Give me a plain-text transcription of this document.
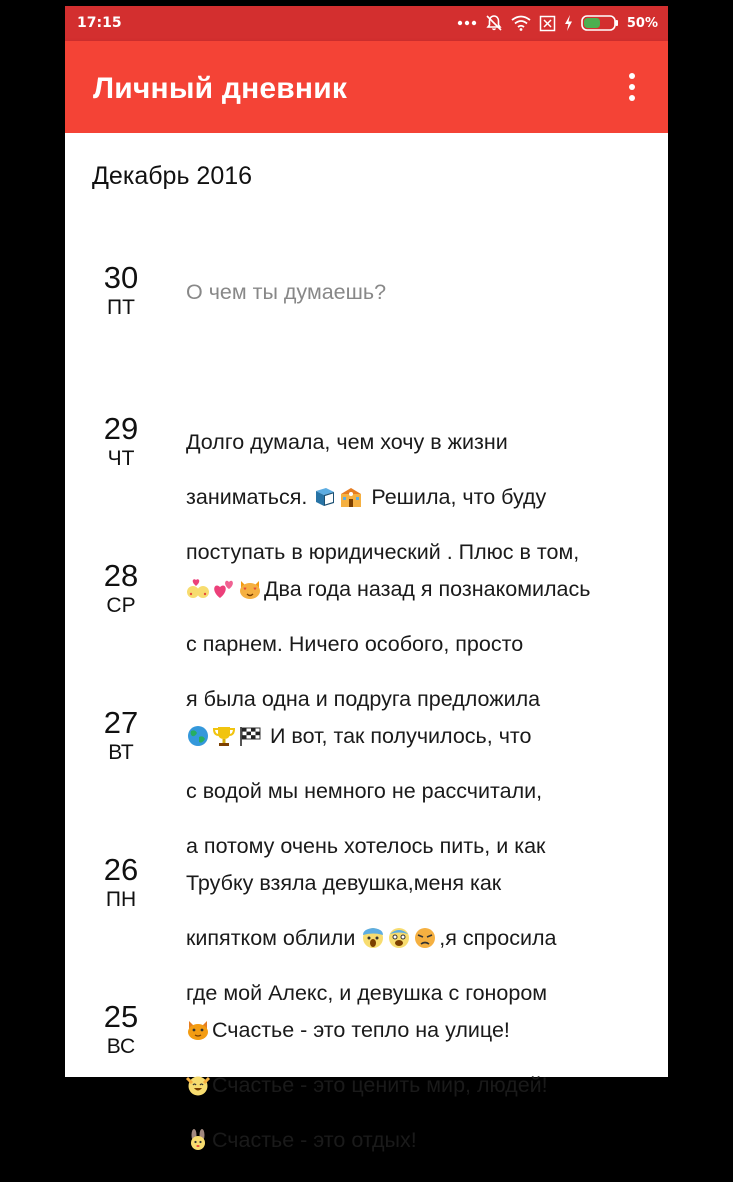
17:15	50%
Личный дневник
Декабрь 2016
30
ПТ
О чем ты думаешь?
29
ЧТ

Долго думала, чем хочу в жизни

заниматься.  Решила, что буду

поступать в юридический . Плюс в том,

28
СР

Два года назад я познакомилась

с парнем. Ничего особого, просто

я была одна и подруга предложила

27
ВТ

И вот, так получилось, что

с водой мы немного не рассчитали,

а потому очень хотелось пить, и как

26
ПН

Трубку взяла девушка,меня как

кипятком облили	,я спросила

где мой Алекс, и девушка с гонором

25
ВС

Счастье - это тепло на улице!

Счастье - это ценить мир, людей!

Счастье - это отдых!
